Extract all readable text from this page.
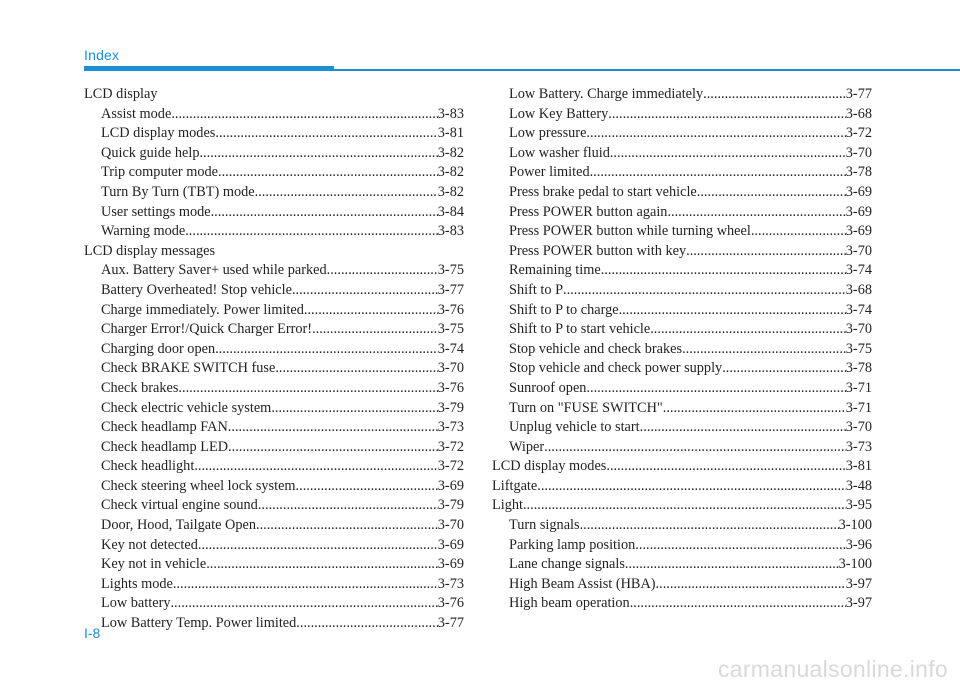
Index
LCD display
Assist mode .....	3-83
LCD display modes .....	3-81
Quick guide help .....	3-82
Trip computer mode .....	3-82
Turn By Turn (TBT) mode .....	3-82
User settings mode .....	3-84
Warning mode .....	3-83
LCD display messages
Aux. Battery Saver+ used while parked .....	3-75
Battery Overheated! Stop vehicle .....	3-77
Charge immediately. Power limited .....	3-76
Charger Error!/Quick Charger Error! .....	3-75
Charging door open .....	3-74
Check BRAKE SWITCH fuse .....	3-70
Check brakes .....	3-76
Check electric vehicle system .....	3-79
Check headlamp FAN .....	3-73
Check headlamp LED .....	3-72
Check headlight .....	3-72
Check steering wheel lock system .....	3-69
Check virtual engine sound .....	3-79
Door, Hood, Tailgate Open .....	3-70
Key not detected .....	3-69
Key not in vehicle .....	3-69
Lights mode .....	3-73
Low battery .....	3-76
Low Battery Temp. Power limited .....	3-77
Low Battery. Charge immediately .....	3-77
Low Key Battery .....	3-68
Low pressure .....	3-72
Low washer fluid .....	3-70
Power limited .....	3-78
Press brake pedal to start vehicle .....	3-69
Press POWER button again .....	3-69
Press POWER button while turning wheel .....	3-69
Press POWER button with key .....	3-70
Remaining time .....	3-74
Shift to P .....	3-68
Shift to P to charge .....	3-74
Shift to P to start vehicle .....	3-70
Stop vehicle and check brakes .....	3-75
Stop vehicle and check power supply .....	3-78
Sunroof open .....	3-71
Turn on "FUSE SWITCH" .....	3-71
Unplug vehicle to start .....	3-70
Wiper .....	3-73
LCD display modes .....	3-81
Liftgate .....	3-48
Light .....	3-95
Turn signals .....	3-100
Parking lamp position .....	3-96
Lane change signals .....	3-100
High Beam Assist (HBA) .....	3-97
High beam operation .....	3-97
I-8
carmanualsonline.info
